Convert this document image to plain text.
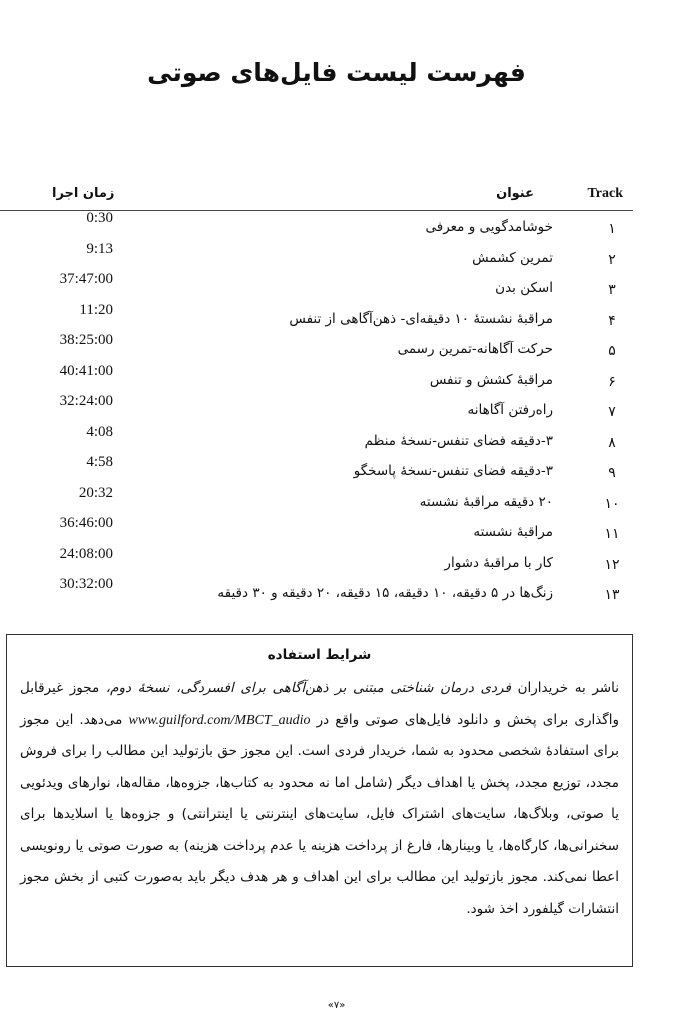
فهرست لیست فایل‌های صوتی
Track
عنوان
زمان اجرا
۱
خوشامدگویی و معرفی
0:30
۲
تمرین کشمش
9:13
۳
اسکن بدن
37:47:00
۴
مراقبهٔ نشستهٔ ۱۰ دقیقه‌ای- ذهن‌آگاهی از تنفس
11:20
۵
حرکت آگاهانه-تمرین رسمی
38:25:00
۶
مراقبهٔ کشش و تنفس
40:41:00
۷
راه‌رفتن آگاهانه
32:24:00
۸
۳-دقیقه فضای تنفس-نسخهٔ منظم
4:08
۹
۳-دقیقه فضای تنفس-نسخهٔ پاسخگو
4:58
۱۰
۲۰ دقیقه مراقبهٔ نشسته
20:32
۱۱
مراقبهٔ نشسته
36:46:00
۱۲
کار با مراقبهٔ دشوار
24:08:00
۱۳
زنگ‌ها در ۵ دقیقه، ۱۰ دقیقه، ۱۵ دقیقه، ۲۰ دقیقه و ۳۰ دقیقه
30:32:00
شرایط استفاده
ناشر به خریداران فردی درمان شناختی مبتنی بر ذهن‌آگاهی برای افسردگی، نسخهٔ دوم، مجوز غیرقابل واگذاری برای پخش و دانلود فایل‌های صوتی واقع در www.guilford.com/MBCT_audio می‌دهد. این مجوز برای استفادهٔ شخصی محدود به شما، خریدار فردی است. این مجوز حق بازتولید این مطالب را برای فروش مجدد، توزیع مجدد، پخش یا اهداف دیگر (شامل اما نه محدود به کتاب‌ها، جزوه‌ها، مقاله‌ها، نوارهای ویدئویی یا صوتی، وبلاگ‌ها، سایت‌های اشتراک فایل، سایت‌های اینترنتی یا اینترانتی) و جزوه‌ها یا اسلایدها برای سخنرانی‌ها، کارگاه‌ها، یا وبینارها، فارغ از پرداخت هزینه یا عدم پرداخت هزینه) به صورت صوتی یا رونویسی اعطا نمی‌کند. مجوز بازتولید این مطالب برای این اهداف و هر هدف دیگر باید به‌صورت کتبی از بخش مجوز انتشارات گیلفورد اخذ شود.
«۷»
